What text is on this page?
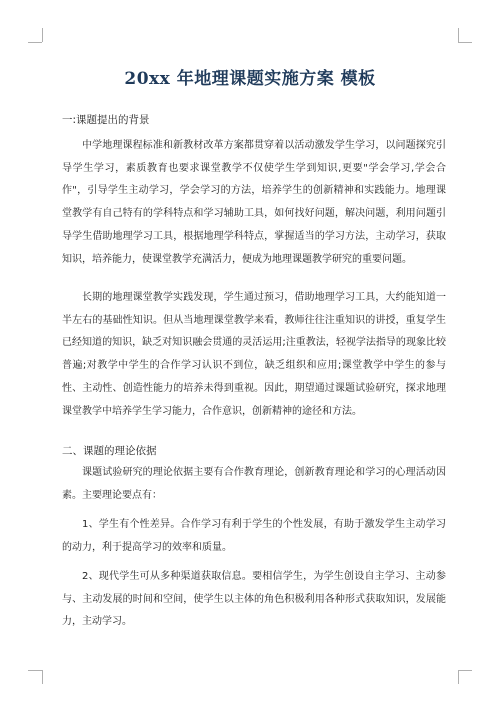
20xx 年地理课题实施方案 模板
一:课题提出的背景
中学地理课程标准和新教材改革方案都贯穿着以活动激发学生学习，以问题探究引导学生学习，素质教育也要求课堂教学不仅使学生学到知识,更要"学会学习,学会合作"，引导学生主动学习，学会学习的方法，培养学生的创新精神和实践能力。地理课堂教学有自己特有的学科特点和学习辅助工具，如何找好问题，解决问题，利用问题引导学生借助地理学习工具，根据地理学科特点，掌握适当的学习方法，主动学习，获取知识，培养能力，使课堂教学充满活力，便成为地理课题教学研究的重要问题。
长期的地理课堂教学实践发现，学生通过预习，借助地理学习工具，大约能知道一半左右的基础性知识。但从当地理课堂教学来看，教师往往注重知识的讲授，重复学生已经知道的知识，缺乏对知识融会贯通的灵活运用;注重教法，轻视学法指导的现象比较普遍;对教学中学生的合作学习认识不到位，缺乏组织和应用;课堂教学中学生的参与性、主动性、创造性能力的培养未得到重视。因此，期望通过课题试验研究，探求地理课堂教学中培养学生学习能力，合作意识，创新精神的途径和方法。
二、课题的理论依据
课题试验研究的理论依据主要有合作教育理论，创新教育理论和学习的心理活动因素。主要理论要点有：
1、学生有个性差异。合作学习有利于学生的个性发展，有助于激发学生主动学习的动力，利于提高学习的效率和质量。
2、现代学生可从多种渠道获取信息。要相信学生，为学生创设自主学习、主动参与、主动发展的时间和空间，使学生以主体的角色积极利用各种形式获取知识，发展能力，主动学习。
